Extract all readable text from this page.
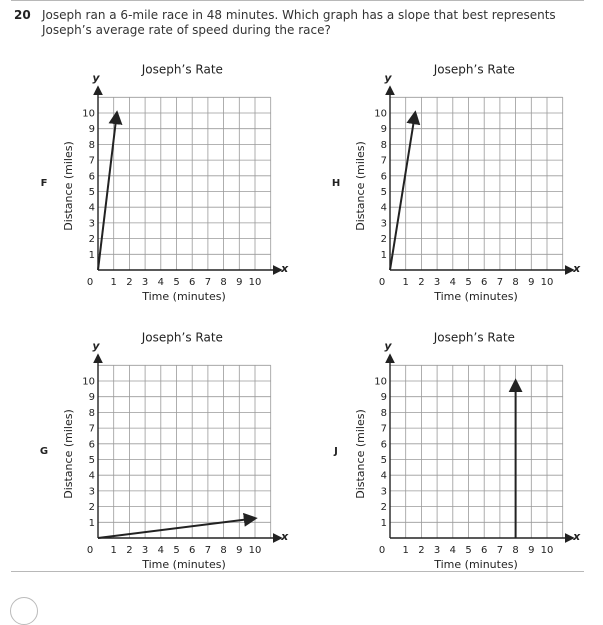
20 Joseph ran a 6-mile race in 48 minutes. Which graph has a slope that best represents Joseph’s average rate of speed during the race?
Joseph’s Rate
F
y
x
0 1
1
2
2
3
3
4
4
5
5
6
6
7
7
8
8
9
9
10
10
Time (minutes)
Distance (miles)
Joseph’s Rate
H
y
x
0 1
1
2
2
3
3
4
4
5
5
6
6
7
7
8
8
9
9
10
10
Time (minutes)
Distance (miles)
Joseph’s Rate
G
y
x
0 1
1
2
2
3
3
4
4
5
5
6
6
7
7
8
8
9
9
10
10
Time (minutes)
Distance (miles)
Joseph’s Rate
J
y
x
0 1
1
2
2
3
3
4
4
5
5
6
6
7
7
8
8
9
9
10
10
Time (minutes)
Distance (miles)
